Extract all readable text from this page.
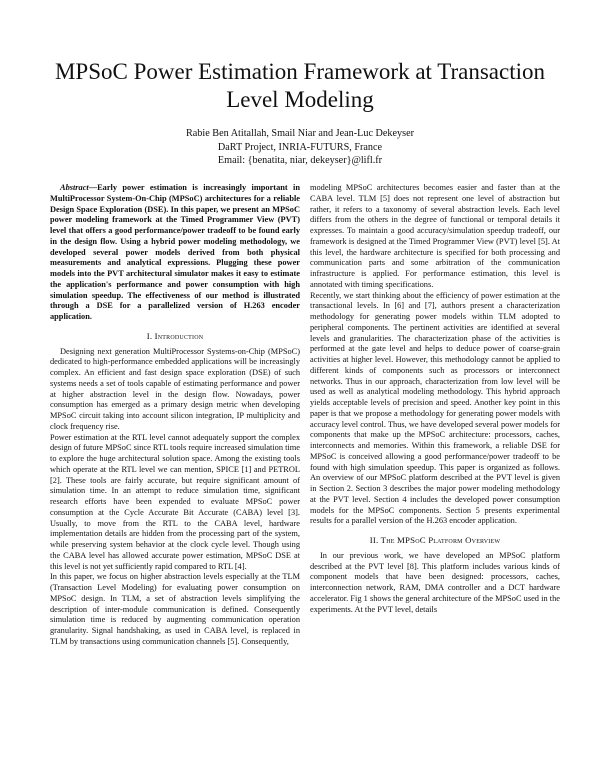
MPSoC Power Estimation Framework at Transaction Level Modeling
Rabie Ben Atitallah, Smail Niar and Jean-Luc Dekeyser
DaRT Project, INRIA-FUTURS, France
Email: {benatita, niar, dekeyser}@lifl.fr

Abstract—Early power estimation is increasingly important in MultiProcessor System-On-Chip (MPSoC) architectures for a reliable Design Space Exploration (DSE). In this paper, we present an MPSoC power modeling framework at the Timed Programmer View (PVT) level that offers a good performance/power tradeoff to be found early in the design flow. Using a hybrid power modeling methodology, we developed several power models derived from both physical measurements and analytical expressions. Plugging these power models into the PVT architectural simulator makes it easy to estimate the application's performance and power consumption with high simulation speedup. The effectiveness of our method is illustrated through a DSE for a parallelized version of H.263 encoder application.

I. Introduction

Designing next generation MultiProcessor Systems-on-Chip (MPSoC) dedicated to high-performance embedded applications will be increasingly complex. An efficient and fast design space exploration (DSE) of such systems needs a set of tools capable of estimating performance and power at higher abstraction level in the design flow. Nowadays, power consumption has emerged as a primary design metric when developing MPSoC circuit taking into account silicon integration, IP multiplicity and clock frequency rise.

Power estimation at the RTL level cannot adequately support the complex design of future MPSoC since RTL tools require increased simulation time to explore the huge architectural solution space. Among the existing tools which operate at the RTL level we can mention, SPICE [1] and PETROL [2]. These tools are fairly accurate, but require significant amount of simulation time. In an attempt to reduce simulation time, significant research efforts have been expended to evaluate MPSoC power consumption at the Cycle Accurate Bit Accurate (CABA) level [3]. Usually, to move from the RTL to the CABA level, hardware implementation details are hidden from the processing part of the system, while preserving system behavior at the clock cycle level. Though using the CABA level has allowed accurate power estimation, MPSoC DSE at this level is not yet sufficiently rapid compared to RTL [4].

In this paper, we focus on higher abstraction levels especially at the TLM (Transaction Level Modeling) for evaluating power consumption on MPSoC design. In TLM, a set of abstraction levels simplifying the description of inter-module communication is defined. Consequently simulation time is reduced by augmenting communication operation granularity. Signal handshaking, as used in CABA level, is replaced in TLM by transactions using communication channels [5]. Consequently,

modeling MPSoC architectures becomes easier and faster than at the CABA level. TLM [5] does not represent one level of abstraction but rather, it refers to a taxonomy of several abstraction levels. Each level differs from the others in the degree of functional or temporal details it expresses. To maintain a good accuracy/simulation speedup tradeoff, our framework is designed at the Timed Programmer View (PVT) level [5]. At this level, the hardware architecture is specified for both processing and communication parts and some arbitration of the communication infrastructure is applied. For performance estimation, this level is annotated with timing specifications.

Recently, we start thinking about the efficiency of power estimation at the transactional levels. In [6] and [7], authors present a characterization methodology for generating power models within TLM adopted to peripheral components. The pertinent activities are identified at several levels and granularities. The characterization phase of the activities is performed at the gate level and helps to deduce power of coarse-grain activities at higher level. However, this methodology cannot be applied to different kinds of components such as processors or interconnect networks. Thus in our approach, characterization from low level will be used as well as analytical modeling methodology. This hybrid approach yields acceptable levels of precision and speed. Another key point in this paper is that we propose a methodology for generating power models with accuracy level control. Thus, we have developed several power models for components that make up the MPSoC architecture: processors, caches, interconnects and memories. Within this framework, a reliable DSE for MPSoC is conceived allowing a good performance/power tradeoff to be found with high simulation speedup. This paper is organized as follows. An overview of our MPSoC platform described at the PVT level is given in Section 2. Section 3 describes the major power modeling methodology at the PVT level. Section 4 includes the developed power consumption models for the MPSoC components. Section 5 presents experimental results for a parallel version of the H.263 encoder application.

II. The MPSoC Platform Overview

In our previous work, we have developed an MPSoC platform described at the PVT level [8]. This platform includes various kinds of component models that have been designed: processors, caches, interconnection network, RAM, DMA controller and a DCT hardware accelerator. Fig 1 shows the general architecture of the MPSoC used in the experiments. At the PVT level, details
